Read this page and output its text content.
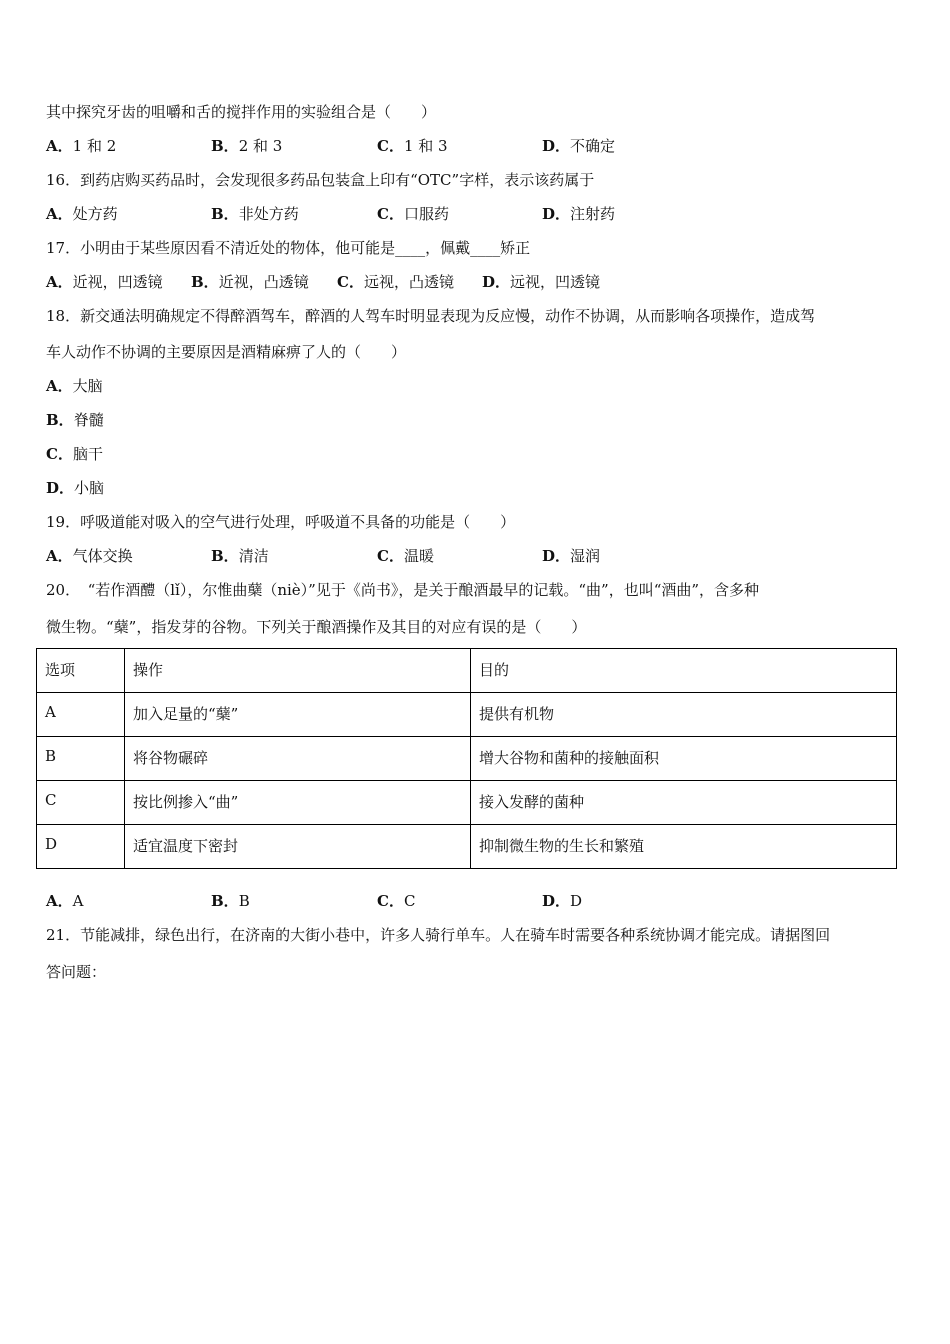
其中探究牙齿的咀嚼和舌的搅拌作用的实验组合是（　　）
A．1 和 2	B．2 和 3	C．1 和 3	D．不确定
16．到药店购买药品时，会发现很多药品包装盒上印有“OTC”字样，表示该药属于
A．处方药	B．非处方药	C．口服药	D．注射药
17．小明由于某些原因看不清近处的物体，他可能是____，佩戴____矫正
A．近视，凹透镜 B．近视，凸透镜 C．远视，凸透镜 D．远视，凹透镜
18．新交通法明确规定不得醉酒驾车，醉酒的人驾车时明显表现为反应慢，动作不协调，从而影响各项操作，造成驾
车人动作不协调的主要原因是酒精麻痹了人的（　　）
A．大脑
B．脊髓
C．脑干
D．小脑
19．呼吸道能对吸入的空气进行处理，呼吸道不具备的功能是（　　）
A．气体交换	B．清洁	C．温暖	D．湿润
20．　“若作酒醴（lǐ），尔惟曲蘖（niè）”见于《尚书》，是关于酿酒最早的记载。“曲”，也叫“酒曲”，含多种
微生物。“蘖”，指发芽的谷物。下列关于酿酒操作及其目的对应有误的是（　　）
选项	操作	目的
A	加入足量的“蘖”	提供有机物
B	将谷物碾碎	增大谷物和菌种的接触面积
C	按比例掺入“曲”	接入发酵的菌种
D	适宜温度下密封	抑制微生物的生长和繁殖
A．A	B．B	C．C	D．D
21．节能减排，绿色出行，在济南的大街小巷中，许多人骑行单车。人在骑车时需要各种系统协调才能完成。请据图回
答问题：
